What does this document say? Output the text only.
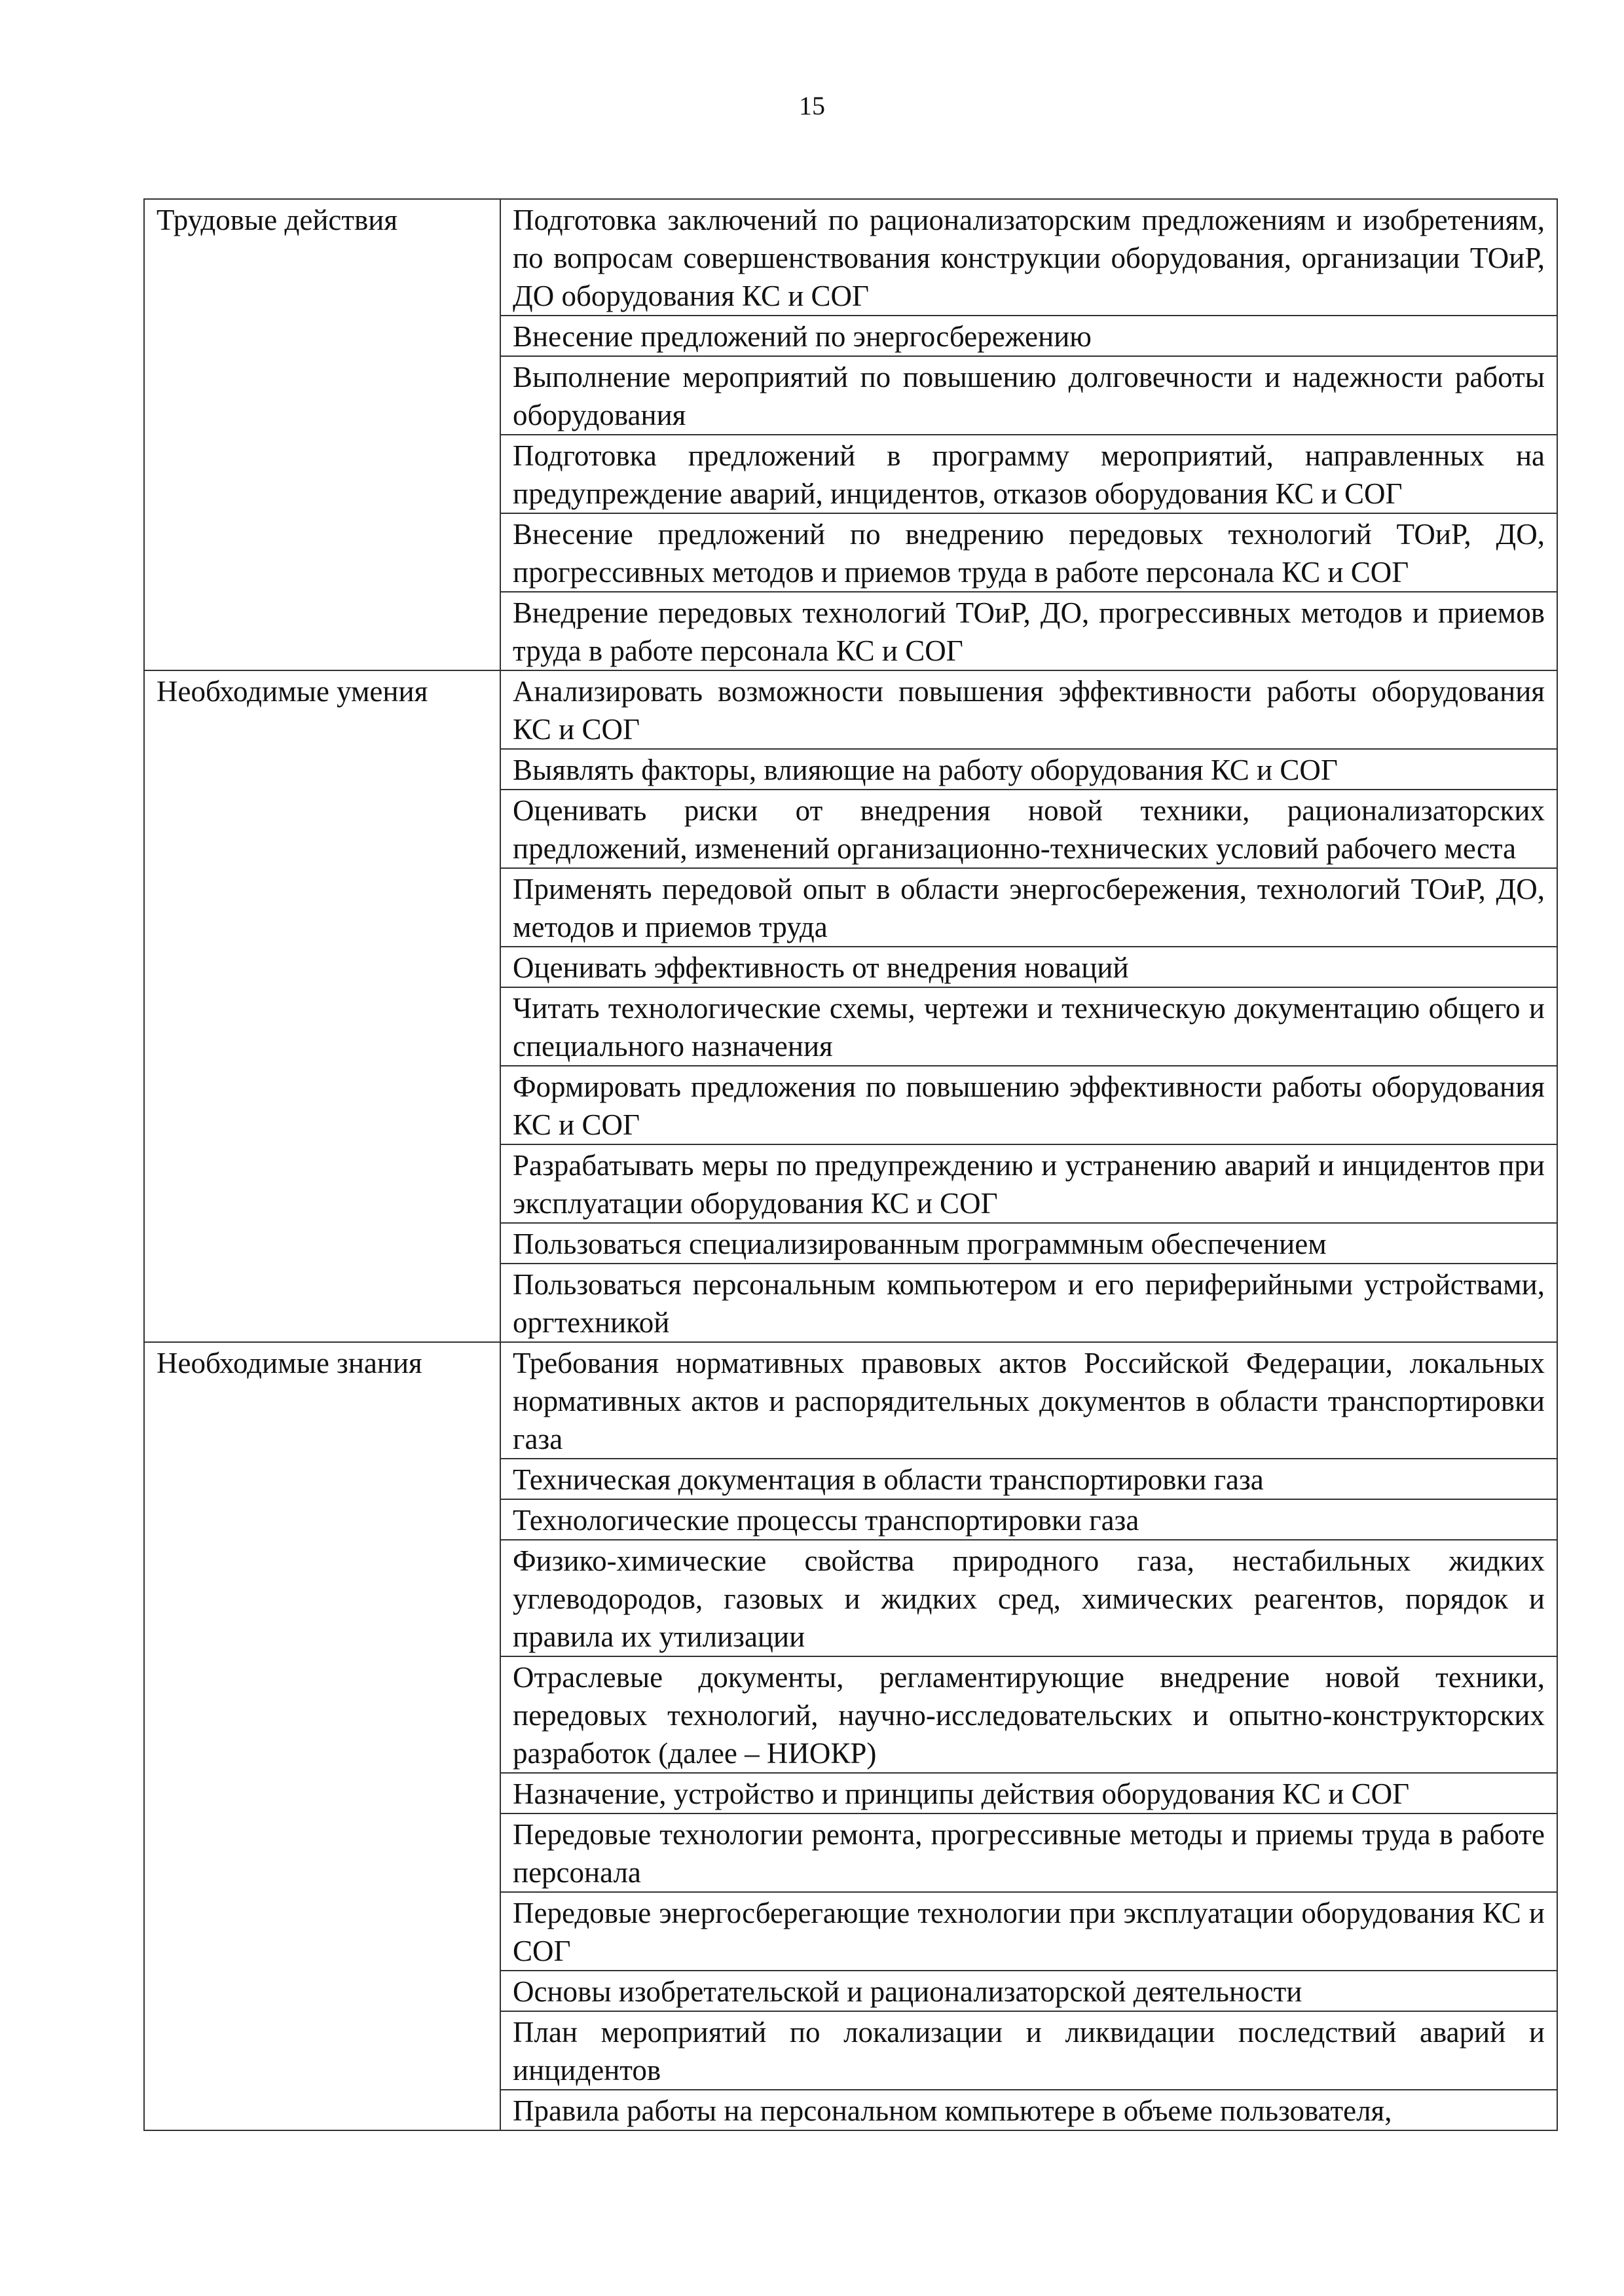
15
Трудовые действия	Подготовка заключений по рационализаторским предложениям и изобретениям, по вопросам совершенствования конструкции оборудования, организации ТОиР, ДО оборудования КС и СОГ
	Внесение предложений по энергосбережению
	Выполнение мероприятий по повышению долговечности и надежности работы оборудования
	Подготовка предложений в программу мероприятий, направленных на предупреждение аварий, инцидентов, отказов оборудования КС и СОГ
	Внесение предложений по внедрению передовых технологий ТОиР, ДО, прогрессивных методов и приемов труда в работе персонала КС и СОГ
	Внедрение передовых технологий ТОиР, ДО, прогрессивных методов и приемов труда в работе персонала КС и СОГ
Необходимые умения	Анализировать возможности повышения эффективности работы оборудования КС и СОГ
	Выявлять факторы, влияющие на работу оборудования КС и СОГ
	Оценивать риски от внедрения новой техники, рационализаторских предложений, изменений организационно-технических условий рабочего места
	Применять передовой опыт в области энергосбережения, технологий ТОиР, ДО, методов и приемов труда
	Оценивать эффективность от внедрения новаций
	Читать технологические схемы, чертежи и техническую документацию общего и специального назначения
	Формировать предложения по повышению эффективности работы оборудования КС и СОГ
	Разрабатывать меры по предупреждению и устранению аварий и инцидентов при эксплуатации оборудования КС и СОГ
	Пользоваться специализированным программным обеспечением
	Пользоваться персональным компьютером и его периферийными устройствами, оргтехникой
Необходимые знания	Требования нормативных правовых актов Российской Федерации, локальных нормативных актов и распорядительных документов в области транспортировки газа
	Техническая документация в области транспортировки газа
	Технологические процессы транспортировки газа
	Физико-химические свойства природного газа, нестабильных жидких углеводородов, газовых и жидких сред, химических реагентов, порядок и правила их утилизации
	Отраслевые документы, регламентирующие внедрение новой техники, передовых технологий, научно-исследовательских и опытно-конструкторских разработок (далее – НИОКР)
	Назначение, устройство и принципы действия оборудования КС и СОГ
	Передовые технологии ремонта, прогрессивные методы и приемы труда в работе персонала
	Передовые энергосберегающие технологии при эксплуатации оборудования КС и СОГ
	Основы изобретательской и рационализаторской деятельности
	План мероприятий по локализации и ликвидации последствий аварий и инцидентов
	Правила работы на персональном компьютере в объеме пользователя,
